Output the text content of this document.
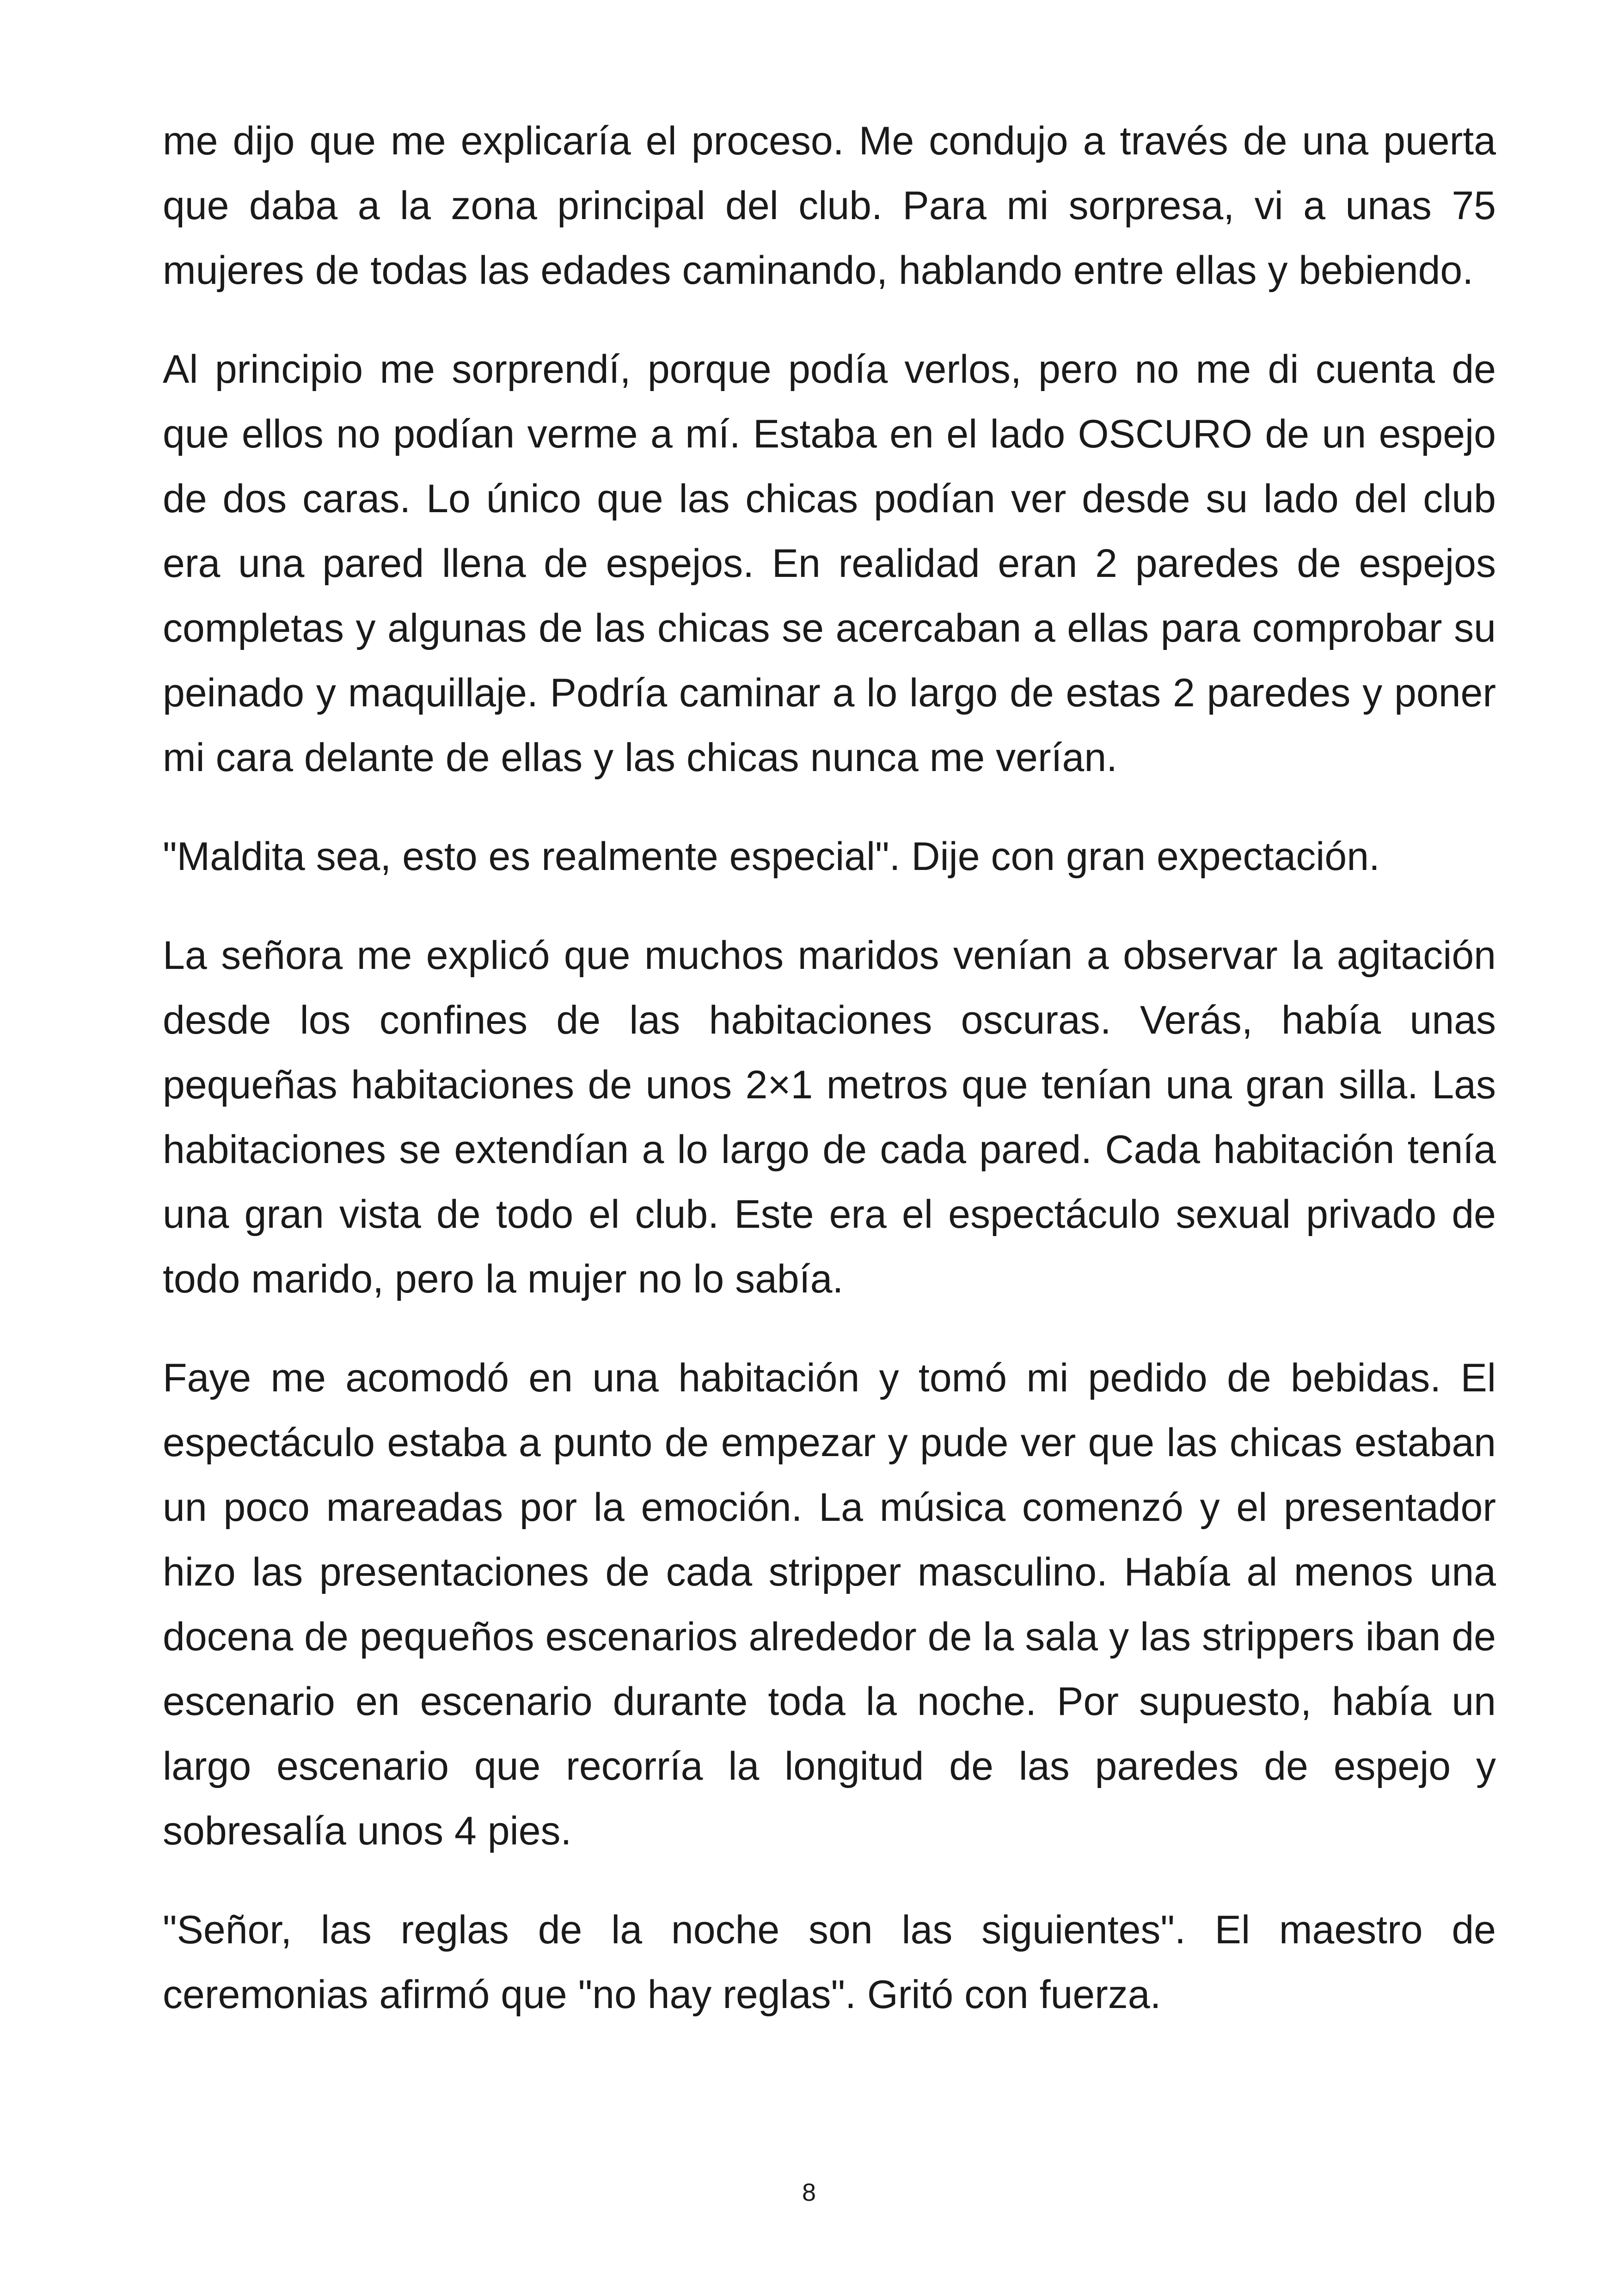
me dijo que me explicaría el proceso. Me condujo a través de una puerta que daba a la zona principal del club. Para mi sorpresa, vi a unas 75 mujeres de todas las edades caminando, hablando entre ellas y bebiendo.

Al principio me sorprendí, porque podía verlos, pero no me di cuenta de que ellos no podían verme a mí. Estaba en el lado OSCURO de un espejo de dos caras. Lo único que las chicas podían ver desde su lado del club era una pared llena de espejos. En realidad eran 2 paredes de espejos completas y algunas de las chicas se acercaban a ellas para comprobar su peinado y maquillaje. Podría caminar a lo largo de estas 2 paredes y poner mi cara delante de ellas y las chicas nunca me verían.

"Maldita sea, esto es realmente especial". Dije con gran expectación.

La señora me explicó que muchos maridos venían a observar la agitación desde los confines de las habitaciones oscuras. Verás, había unas pequeñas habitaciones de unos 2×1 metros que tenían una gran silla. Las habitaciones se extendían a lo largo de cada pared. Cada habitación tenía una gran vista de todo el club. Este era el espectáculo sexual privado de todo marido, pero la mujer no lo sabía.

Faye me acomodó en una habitación y tomó mi pedido de bebidas. El espectáculo estaba a punto de empezar y pude ver que las chicas estaban un poco mareadas por la emoción. La música comenzó y el presentador hizo las presentaciones de cada stripper masculino. Había al menos una docena de pequeños escenarios alrededor de la sala y las strippers iban de escenario en escenario durante toda la noche. Por supuesto, había un largo escenario que recorría la longitud de las paredes de espejo y sobresalía unos 4 pies.

"Señor, las reglas de la noche son las siguientes". El maestro de ceremonias afirmó que "no hay reglas". Gritó con fuerza.

8
